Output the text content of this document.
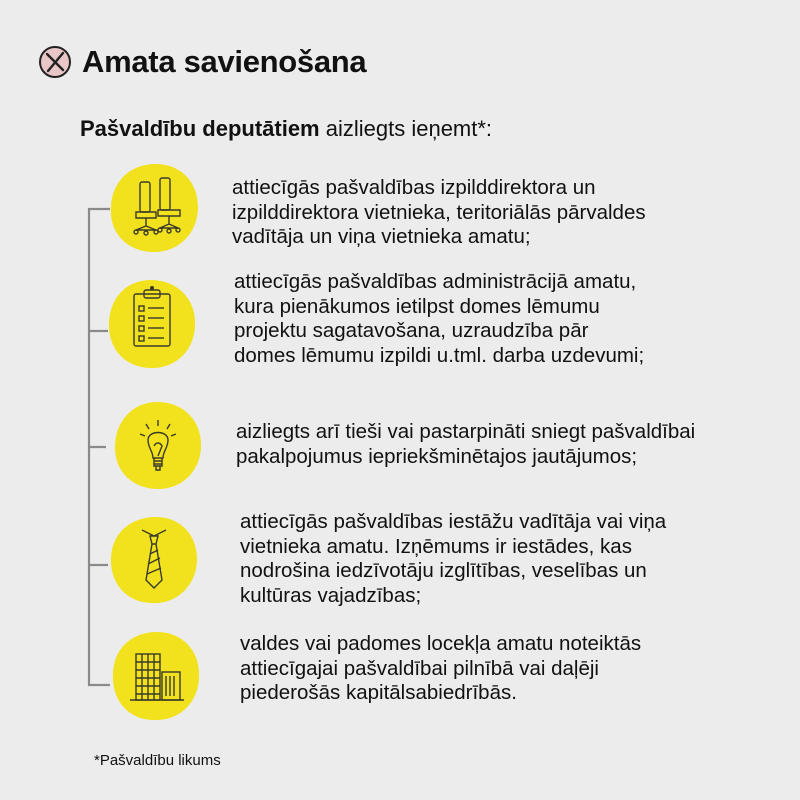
Amata savienošana
Pašvaldību deputātiem aizliegts ieņemt*:
attiecīgās pašvaldības izpilddirektora un
izpilddirektora vietnieka, teritoriālās pārvaldes
vadītāja un viņa vietnieka amatu;
attiecīgās pašvaldības administrācijā amatu,
kura pienākumos ietilpst domes lēmumu
projektu sagatavošana, uzraudzība pār
domes lēmumu izpildi u.tml. darba uzdevumi;
aizliegts arī tieši vai pastarpināti sniegt pašvaldībai
pakalpojumus iepriekšminētajos jautājumos;
attiecīgās pašvaldības iestāžu vadītāja vai viņa
vietnieka amatu. Izņēmums ir iestādes, kas
nodrošina iedzīvotāju izglītības, veselības un
kultūras vajadzības;
valdes vai padomes locekļa amatu noteiktās
attiecīgajai pašvaldībai pilnībā vai daļēji
piederošās kapitālsabiedrībās.
*Pašvaldību likums
